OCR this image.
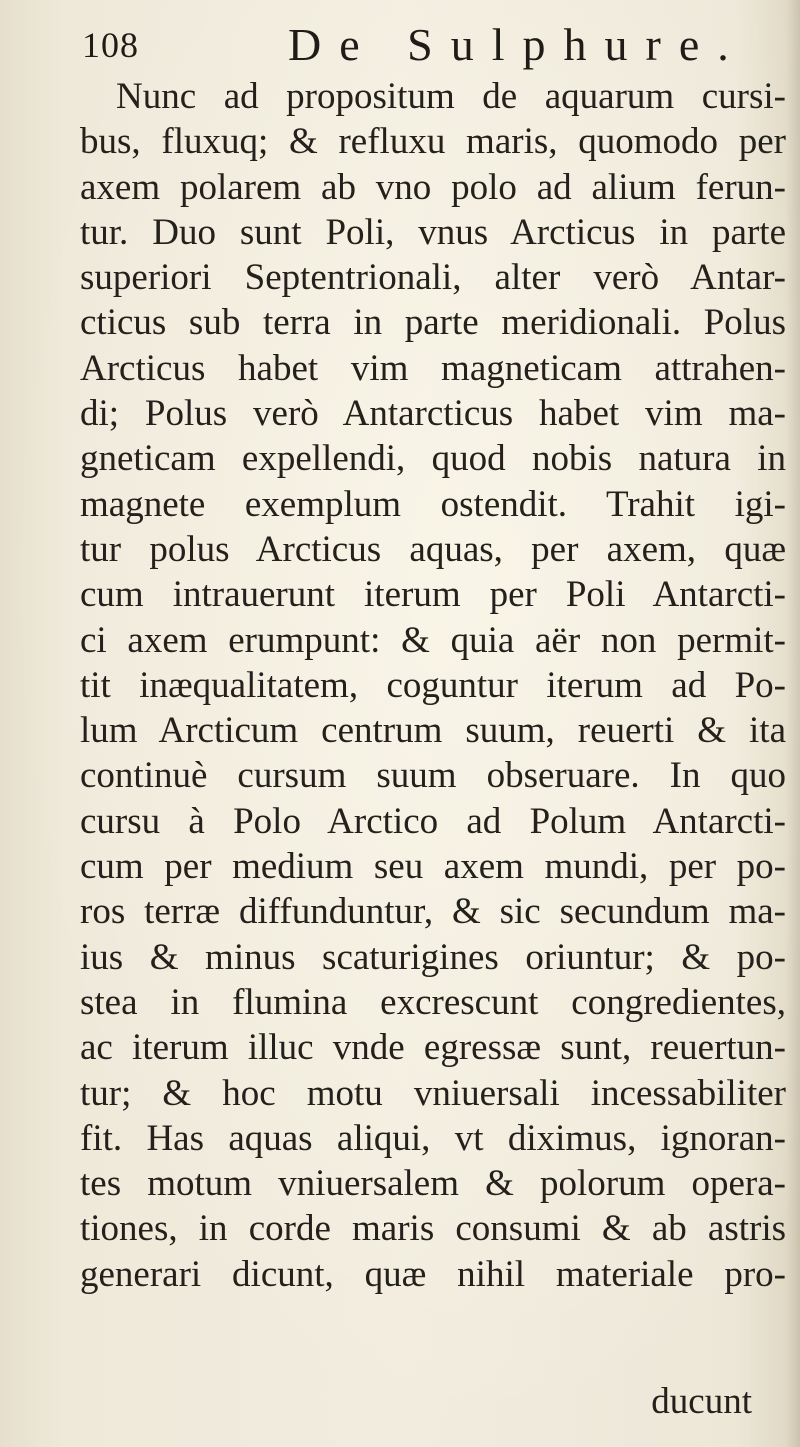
108	De Sulphure.
Nunc ad propositum de aquarum cursi-
bus, fluxuq; & refluxu maris, quomodo per
axem polarem ab vno polo ad alium ferun-
tur. Duo sunt Poli, vnus Arcticus in parte
superiori Septentrionali, alter verò Antar-
cticus sub terra in parte meridionali. Polus
Arcticus habet vim magneticam attrahen-
di; Polus verò Antarcticus habet vim ma-
gneticam expellendi, quod nobis natura in
magnete exemplum ostendit. Trahit igi-
tur polus Arcticus aquas, per axem, quæ
cum intrauerunt iterum per Poli Antarcti-
ci axem erumpunt: & quia aër non permit-
tit inæqualitatem, coguntur iterum ad Po-
lum Arcticum centrum suum, reuerti & ita
continuè cursum suum obseruare. In quo
cursu à Polo Arctico ad Polum Antarcti-
cum per medium seu axem mundi, per po-
ros terræ diffunduntur, & sic secundum ma-
ius & minus scaturigines oriuntur; & po-
stea in flumina excrescunt congredientes,
ac iterum illuc vnde egressæ sunt, reuertun-
tur; & hoc motu vniuersali incessabiliter
fit. Has aquas aliqui, vt diximus, ignoran-
tes motum vniuersalem & polorum opera-
tiones, in corde maris consumi & ab astris
generari dicunt, quæ nihil materiale pro-
ducunt
